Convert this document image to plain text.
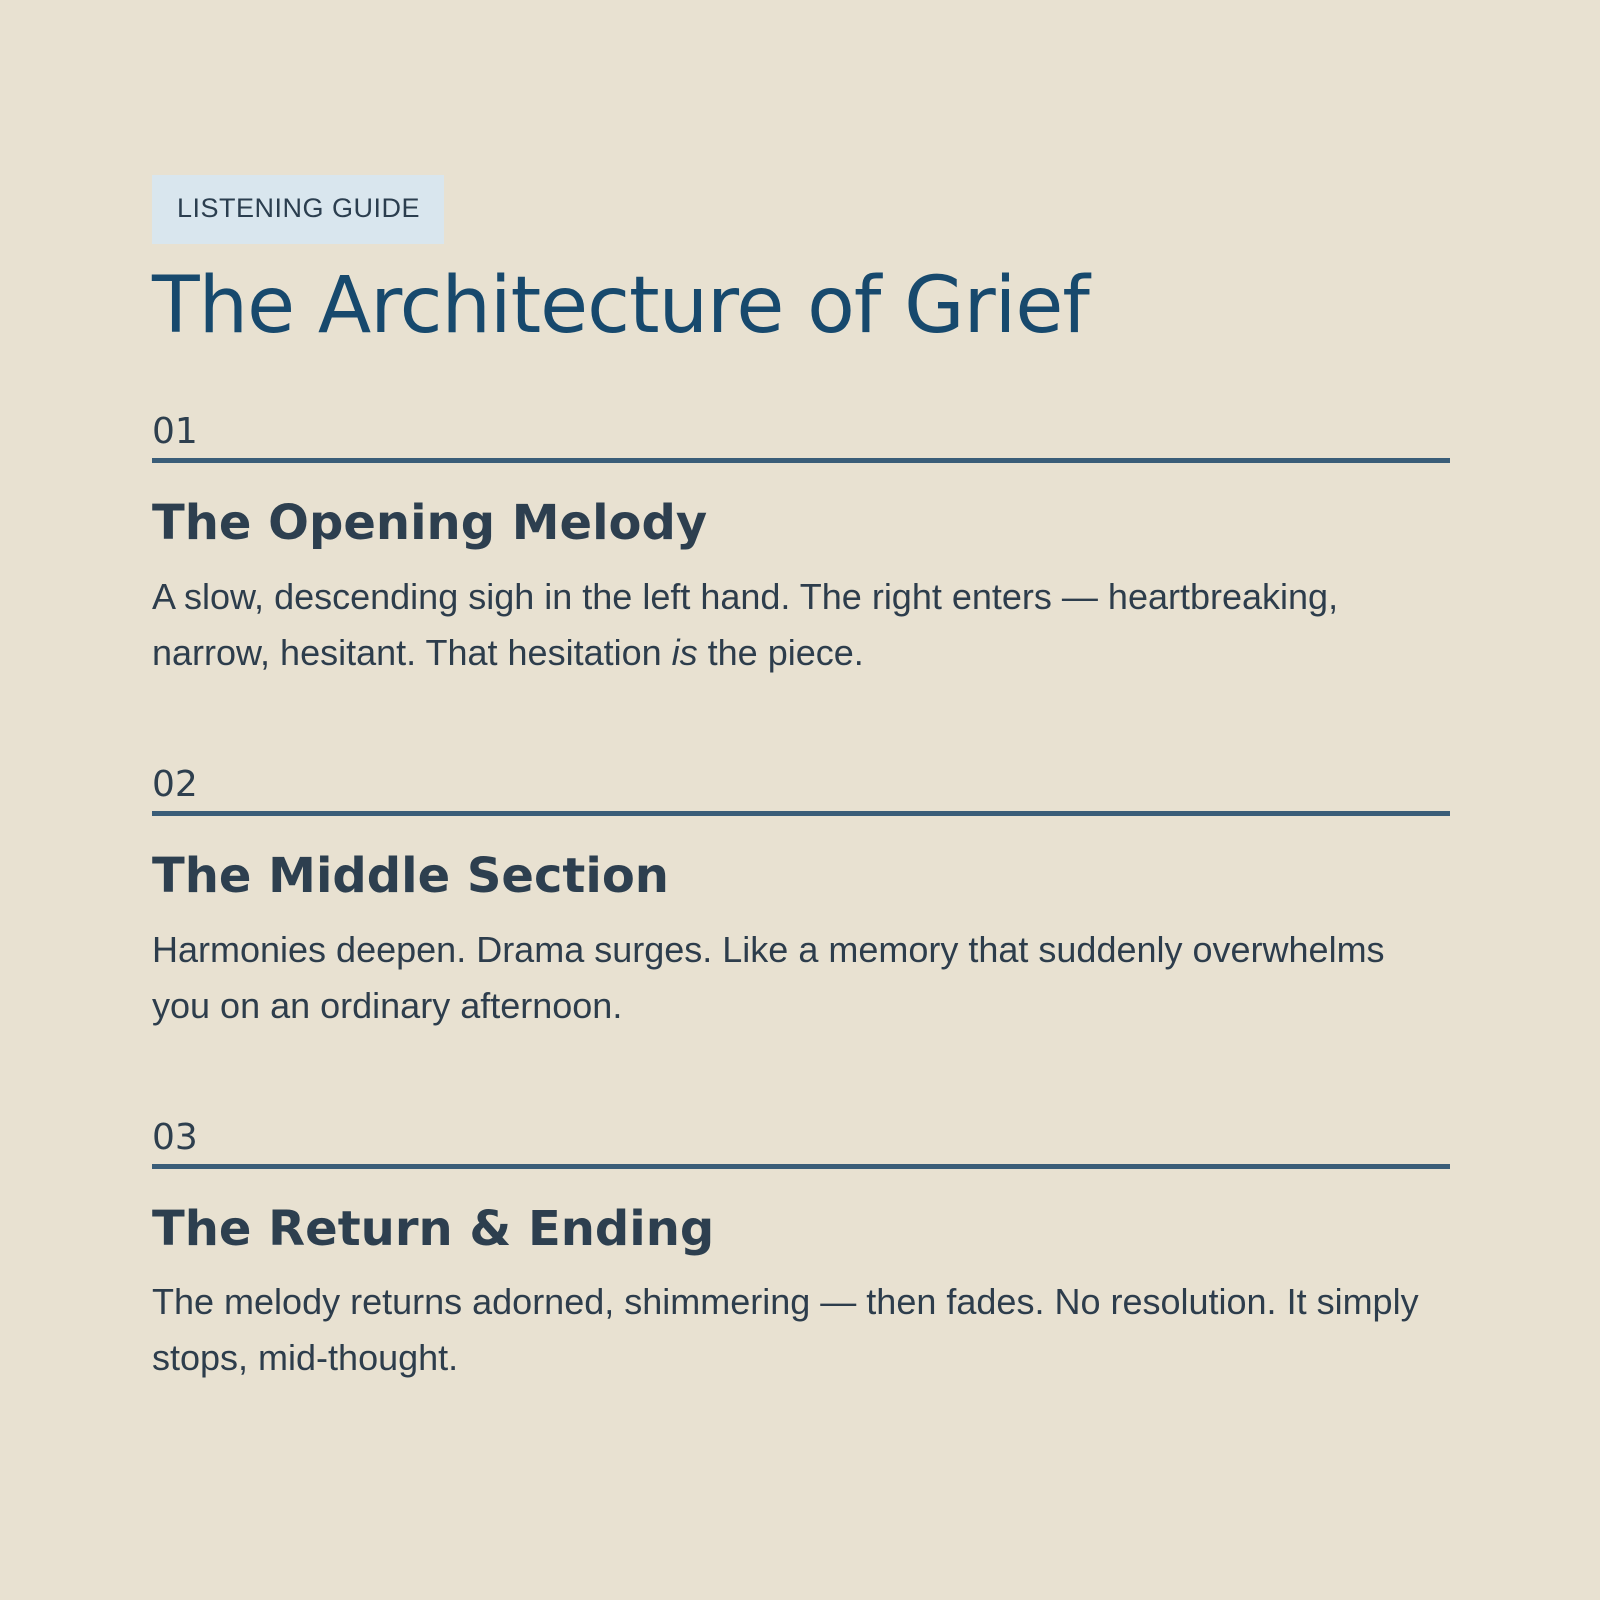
LISTENING GUIDE
The Architecture of Grief
01
The Opening Melody

A slow, descending sigh in the left hand. The right enters — heartbreaking, narrow, hesitant. That hesitation is the piece.

02
The Middle Section

Harmonies deepen. Drama surges. Like a memory that suddenly overwhelms you on an ordinary afternoon.

03
The Return & Ending

The melody returns adorned, shimmering — then fades. No resolution. It simply stops, mid-thought.
